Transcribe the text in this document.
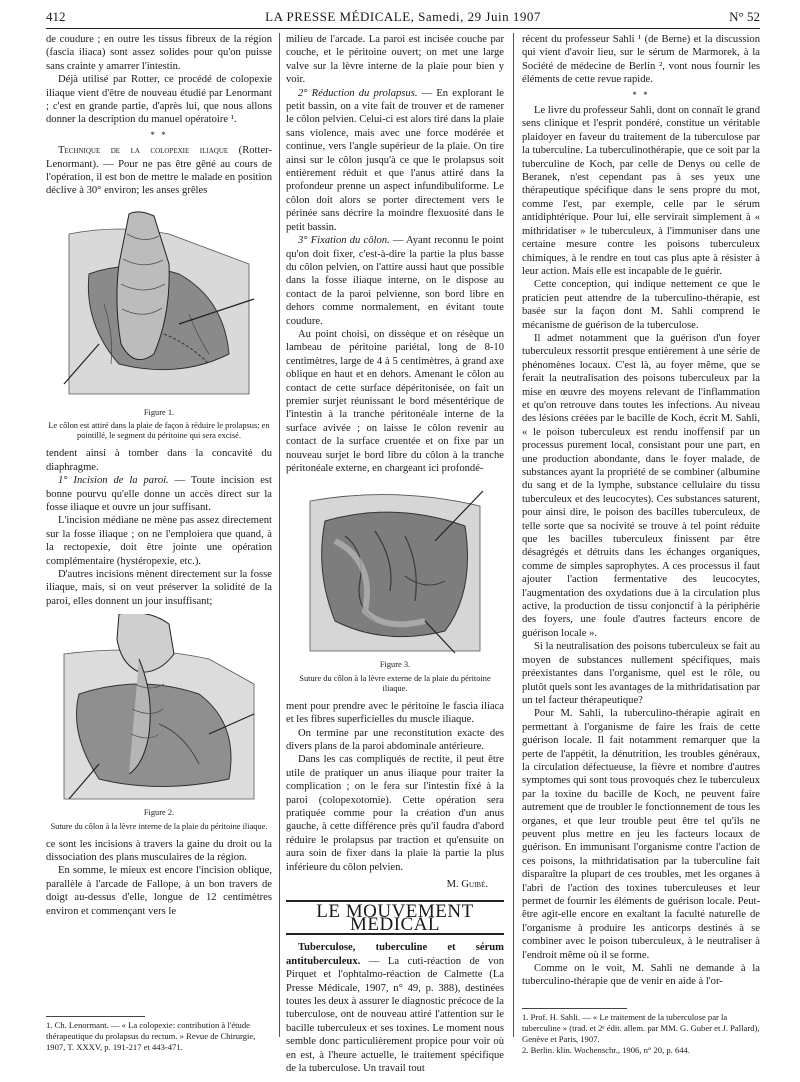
412	LA PRESSE MÉDICALE, Samedi, 29 Juin 1907	N° 52

de coudure ; en outre les tissus fibreux de la région (fascia iliaca) sont assez solides pour qu'on puisse sans crainte y amarrer l'intestin.

Déjà utilisé par Rotter, ce procédé de colopexie iliaque vient d'être de nouveau étudié par Lenormant ; c'est en grande partie, d'après lui, que nous allons donner la description du manuel opératoire ¹.

* *

Technique de la colopexie iliaque (Rotter-Lenormant). — Pour ne pas être gêné au cours de l'opération, il est bon de mettre le malade en position déclive à 30° environ; les anses grêles

Figure 1.
Le côlon est attiré dans la plaie de façon à réduire le prolapsus; en pointillé, le segment du péritoine qui sera excisé.

tendent ainsi à tomber dans la concavité du diaphragme.

1° Incision de la paroi. — Toute incision est bonne pourvu qu'elle donne un accès direct sur la fosse iliaque et ouvre un jour suffisant.

L'incision médiane ne mène pas assez directement sur la fosse iliaque ; on ne l'emploiera que quand, à la rectopexie, doit être jointe une opération complémentaire (hystéropexie, etc.).

D'autres incisions mènent directement sur la fosse iliaque, mais, si on veut préserver la solidité de la paroi, elles donnent un jour insuffisant;

Figure 2.
Suture du côlon à la lèvre interne de la plaie du péritoine iliaque.

ce sont les incisions à travers la gaine du droit ou la dissociation des plans musculaires de la région.

En somme, le mieux est encore l'incision oblique, parallèle à l'arcade de Fallope, à un bon travers de doigt au-dessus d'elle, longue de 12 centimètres environ et commençant vers le

1. Ch. Lenormant. — « La colopexie: contribution à l'étude thérapeutique du prolapsus du rectum. » Revue de Chirurgie, 1907, T. XXXV, p. 191-217 et 443-471.

milieu de l'arcade. La paroi est incisée couche par couche, et le péritoine ouvert; on met une large valve sur la lèvre interne de la plaie pour bien y voir.

2° Réduction du prolapsus. — En explorant le petit bassin, on a vite fait de trouver et de ramener le côlon pelvien. Celui-ci est alors tiré dans la plaie sans violence, mais avec une force modérée et continue, vers l'angle supérieur de la plaie. On tire ainsi sur le côlon jusqu'à ce que le prolapsus soit entièrement réduit et que l'anus attiré dans la profondeur prenne un aspect infundibuliforme. Le côlon doit alors se porter directement vers le périnée sans décrire la moindre flexuosité dans le petit bassin.

3° Fixation du côlon. — Ayant reconnu le point qu'on doit fixer, c'est-à-dire la partie la plus basse du côlon pelvien, on l'attire aussi haut que possible dans la fosse iliaque interne, on le dispose au contact de la paroi pelvienne, son bord libre en dehors comme normalement, en évitant toute coudure.

Au point choisi, on dissèque et on résèque un lambeau de péritoine pariétal, long de 8-10 centimètres, large de 4 à 5 centimètres, à grand axe oblique en haut et en dehors. Amenant le côlon au contact de cette surface dépéritonisée, on fait un premier surjet réunissant le bord mésentérique de l'intestin à la tranche péritonéale interne de la surface avivée ; on laisse le côlon revenir au contact de la surface cruentée et on fixe par un nouveau surjet le bord libre du côlon à la tranche péritonéale externe, en chargeant ici profondé-

Figure 3.
Suture du côlon à la lèvre externe de la plaie du péritoine iliaque.

ment pour prendre avec le péritoine le fascia iliaca et les fibres superficielles du muscle iliaque.

On termine par une reconstitution exacte des divers plans de la paroi abdominale antérieure.

Dans les cas compliqués de rectite, il peut être utile de pratiquer un anus iliaque pour traiter la complication ; on le fera sur l'intestin fixé à la paroi (colopexotomie). Cette opération sera pratiquée comme pour la création d'un anus gauche, à cette différence près qu'il faudra d'abord réduire le prolapsus par traction et qu'ensuite on aura soin de fixer dans la plaie la partie la plus inférieure du côlon pelvien.

M. Guibé.
LE MOUVEMENT MÉDICAL

Tuberculose, tuberculine et sérum antituberculeux. — La cuti-réaction de von Pirquet et l'ophtalmo-réaction de Calmette (La Presse Médicale, 1907, n° 49, p. 388), destinées toutes les deux à assurer le diagnostic précoce de la tuberculose, ont de nouveau attiré l'attention sur le bacille tuberculeux et ses toxines. Le moment nous semble donc particulièrement propice pour voir où en est, à l'heure actuelle, le traitement spécifique de la tuberculose. Un travail tout

récent du professeur Sahli ¹ (de Berne) et la discussion qui vient d'avoir lieu, sur le sérum de Marmorek, à la Société de médecine de Berlin ², vont nous fournir les éléments de cette revue rapide.

* *

Le livre du professeur Sahli, dont on connaît le grand sens clinique et l'esprit pondéré, constitue un véritable plaidoyer en faveur du traitement de la tuberculose par la tuberculine. La tuberculinothérapie, que ce soit par la tuberculine de Koch, par celle de Denys ou celle de Beranek, n'est cependant pas à ses yeux une thérapeutique spécifique dans le sens propre du mot, comme l'est, par exemple, celle par le sérum antidiphtérique. Pour lui, elle servirait simplement à « mithridatiser » le tuberculeux, à l'immuniser dans une certaine mesure contre les poisons tuberculeux chimiques, à le rendre en tout cas plus apte à résister à leur action. Mais elle est incapable de le guérir.

Cette conception, qui indique nettement ce que le praticien peut attendre de la tuberculino-thérapie, est basée sur la façon dont M. Sahli comprend le mécanisme de guérison de la tuberculose.

Il admet notamment que la guérison d'un foyer tuberculeux ressortit presque entièrement à une série de phénomènes locaux. C'est là, au foyer même, que se ferait la neutralisation des poisons tuberculeux par la mise en œuvre des moyens relevant de l'inflammation et qu'on retrouve dans toutes les infections. Au niveau des lésions créées par le bacille de Koch, écrit M. Sahli, « le poison tuberculeux est rendu inoffensif par un processus purement local, consistant pour une part, en une production abondante, dans le foyer malade, de substances ayant la propriété de se combiner (albumine du sang et de la lymphe, substance cellulaire du tissu tuberculeux et des leucocytes). Ces substances saturent, pour ainsi dire, le poison des bacilles tuberculeux, de telle sorte que sa nocivité se trouve à tel point réduite que les bacilles tuberculeux finissent par être désagrégés et détruits dans les échanges organiques, comme de simples saprophytes. A ces processus il faut ajouter l'action fermentative des leucocytes, l'augmentation des oxydations due à la circulation plus active, la production de tissu conjonctif à la périphérie des foyers, une foule d'autres facteurs encore de guérison locale ».

Si la neutralisation des poisons tuberculeux se fait au moyen de substances nullement spécifiques, mais préexistantes dans l'organisme, quel est le rôle, ou plutôt quels sont les avantages de la mithridatisation par un tel facteur thérapeutique?

Pour M. Sahli, la tuberculino-thérapie agirait en permettant à l'organisme de faire les frais de cette guérison locale. Il fait notamment remarquer que la perte de l'appétit, la dénutrition, les troubles généraux, la circulation défectueuse, la fièvre et nombre d'autres symptomes qui sont tous provoqués chez le tuberculeux par la toxine du bacille de Koch, ne peuvent faire autrement que de troubler le fonctionnement de tous les organes, et que leur trouble peut être tel qu'ils ne peuvent plus mettre en jeu les facteurs locaux de guérison. En immunisant l'organisme contre l'action de ces poisons, la mithridatisation par la tuberculine fait disparaître la plupart de ces troubles, met les organes à l'abri de l'action des toxines tuberculeuses et leur permet de fournir les éléments de guérison locale. Peut-être agit-elle encore en exaltant la faculté naturelle de l'organisme à produire les anticorps destinés à se combiner avec le poison tuberculeux, à le neutraliser à l'endroit même où il se forme.

Comme on le voit, M. Sahli ne demande à la tuberculino-thérapie que de venir en aide à l'or-

1. Prof. H. Sahli. — « Le traitement de la tuberculose par la tuberculine » (trad. et 2ᵉ édit. allem. par MM. G. Guber et J. Pallard), Genève et Paris, 1907.
2. Berlin. klin. Wochenschr., 1906, n° 20, p. 644.
